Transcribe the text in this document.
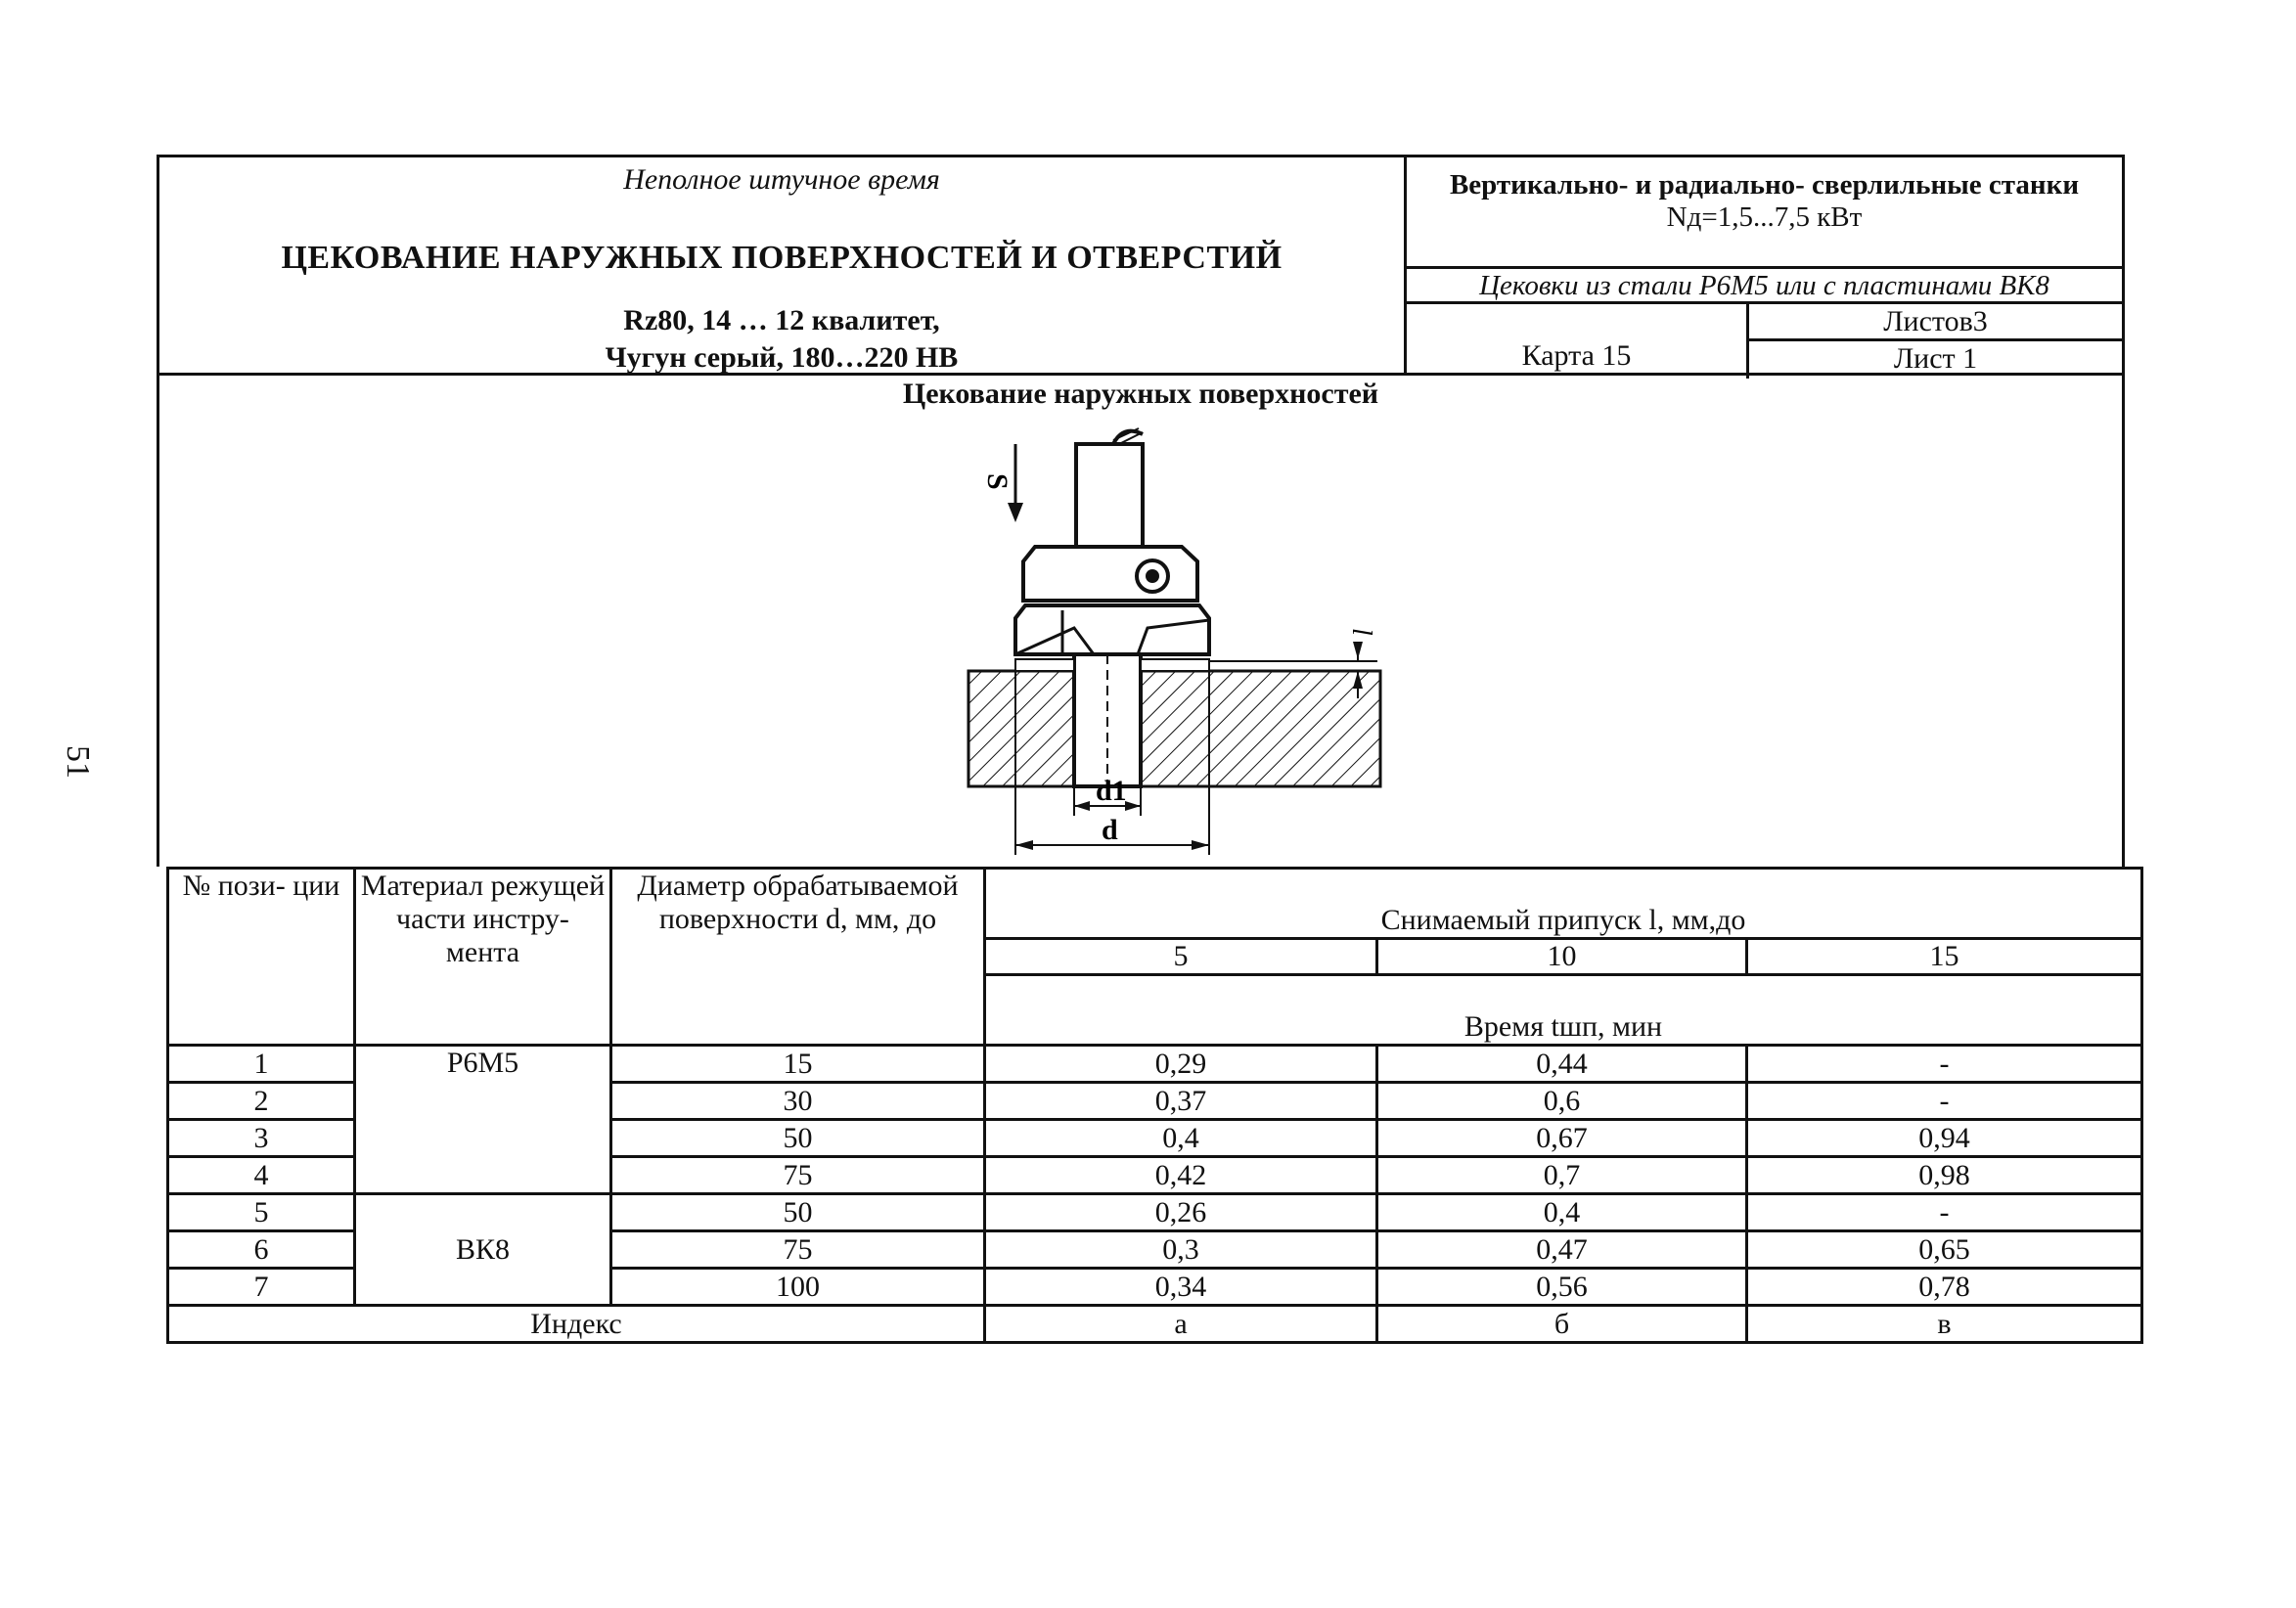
51
Неполное штучное время
ЦЕКОВАНИЕ НАРУЖНЫХ ПОВЕРХНОСТЕЙ И ОТВЕРСТИЙ
Rz80, 14 … 12 квалитет,
Чугун серый, 180…220 НВ
Вертикально- и радиально- сверлильные станки
Nд=1,5...7,5 кВт
Цековки из стали Р6М5 или с пластинами ВК8
Карта 15
Листов3
Лист 1
Цекование наружных поверхностей
S
l
d1
d
№ пози- ции	Материал режущей части инстру- мента	Диаметр обрабатываемой поверхности d, мм, до	Снимаемый припуск l, мм,до		
			5	10	15
			Время tшп, мин		
1	Р6М5	15	0,29	0,44	-
2		30	0,37	0,6	-
3		50	0,4	0,67	0,94
4		75	0,42	0,7	0,98
5	ВК8	50	0,26	0,4	-
6		75	0,3	0,47	0,65
7		100	0,34	0,56	0,78
Индекс			а	б	в
